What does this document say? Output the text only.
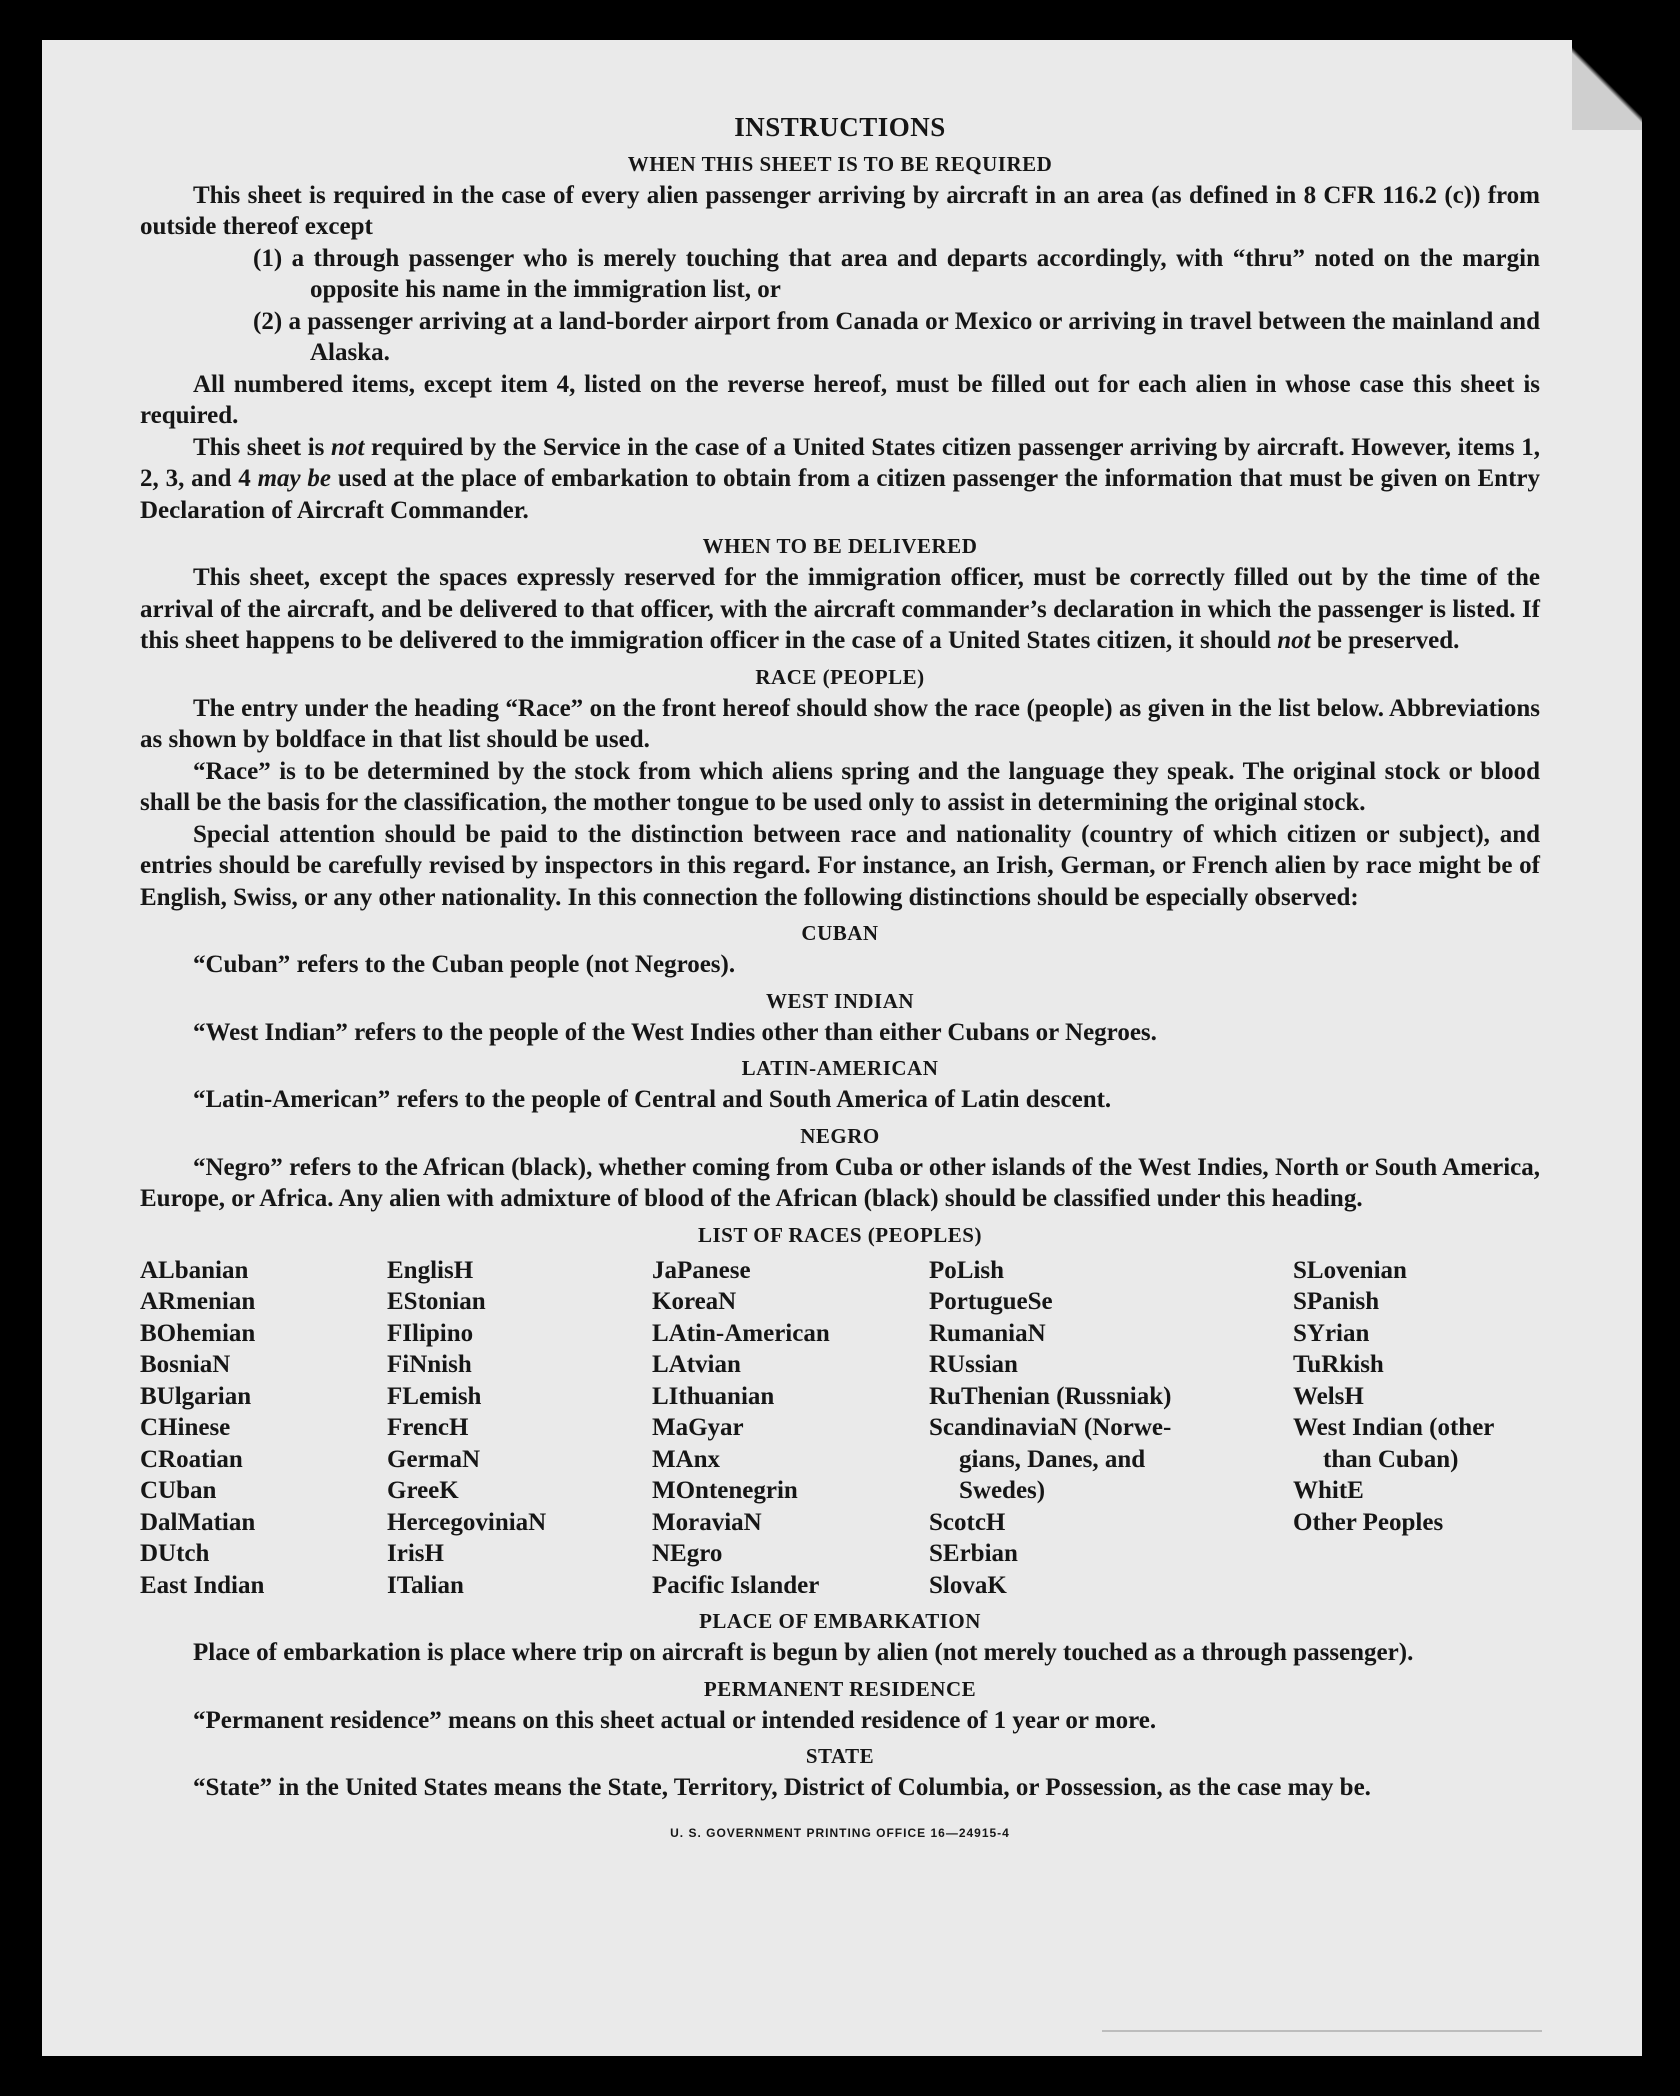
INSTRUCTIONS
WHEN THIS SHEET IS TO BE REQUIRED

This sheet is required in the case of every alien passenger arriving by aircraft in an area (as defined in 8 CFR 116.2 (c)) from outside thereof except

(1) a through passenger who is merely touching that area and departs accordingly, with “thru” noted on the margin opposite his name in the immigration list, or

(2) a passenger arriving at a land-border airport from Canada or Mexico or arriving in travel between the mainland and Alaska.

All numbered items, except item 4, listed on the reverse hereof, must be filled out for each alien in whose case this sheet is required.

This sheet is not required by the Service in the case of a United States citizen passenger arriving by aircraft. However, items 1, 2, 3, and 4 may be used at the place of embarkation to obtain from a citizen passenger the information that must be given on Entry Declaration of Aircraft Commander.

WHEN TO BE DELIVERED

This sheet, except the spaces expressly reserved for the immigration officer, must be correctly filled out by the time of the arrival of the aircraft, and be delivered to that officer, with the aircraft commander’s declaration in which the passenger is listed. If this sheet happens to be delivered to the immigration officer in the case of a United States citizen, it should not be preserved.

RACE (PEOPLE)

The entry under the heading “Race” on the front hereof should show the race (people) as given in the list below. Abbreviations as shown by boldface in that list should be used.

“Race” is to be determined by the stock from which aliens spring and the language they speak. The original stock or blood shall be the basis for the classification, the mother tongue to be used only to assist in determining the original stock.

Special attention should be paid to the distinction between race and nationality (country of which citizen or subject), and entries should be carefully revised by inspectors in this regard. For instance, an Irish, German, or French alien by race might be of English, Swiss, or any other nationality. In this connection the following distinctions should be especially observed:

CUBAN

“Cuban” refers to the Cuban people (not Negroes).

WEST INDIAN

“West Indian” refers to the people of the West Indies other than either Cubans or Negroes.

LATIN-AMERICAN

“Latin-American” refers to the people of Central and South America of Latin descent.

NEGRO

“Negro” refers to the African (black), whether coming from Cuba or other islands of the West Indies, North or South America, Europe, or Africa. Any alien with admixture of blood of the African (black) should be classified under this heading.

LIST OF RACES (PEOPLES)
ALbanian
ARmenian
BOhemian
BosniaN
BUlgarian
CHinese
CRoatian
CUban
DalMatian
DUtch
East Indian
EnglisH
EStonian
FIlipino
FiNnish
FLemish
FrencH
GermaN
GreeK
HercegoviniaN
IrisH
ITalian
JaPanese
KoreaN
LAtin-American
LAtvian
LIthuanian
MaGyar
MAnx
MOntenegrin
MoraviaN
NEgro
Pacific Islander
PoLish
PortugueSe
RumaniaN
RUssian
RuThenian (Russniak)
ScandinaviaN (Norwe-
gians, Danes, and
Swedes)
ScotcH
SErbian
SlovaK
SLovenian
SPanish
SYrian
TuRkish
WelsH
West Indian (other
than Cuban)
WhitE
Other Peoples
PLACE OF EMBARKATION

Place of embarkation is place where trip on aircraft is begun by alien (not merely touched as a through passenger).

PERMANENT RESIDENCE

“Permanent residence” means on this sheet actual or intended residence of 1 year or more.

STATE

“State” in the United States means the State, Territory, District of Columbia, or Possession, as the case may be.

U. S. GOVERNMENT PRINTING OFFICE 16—24915-4
